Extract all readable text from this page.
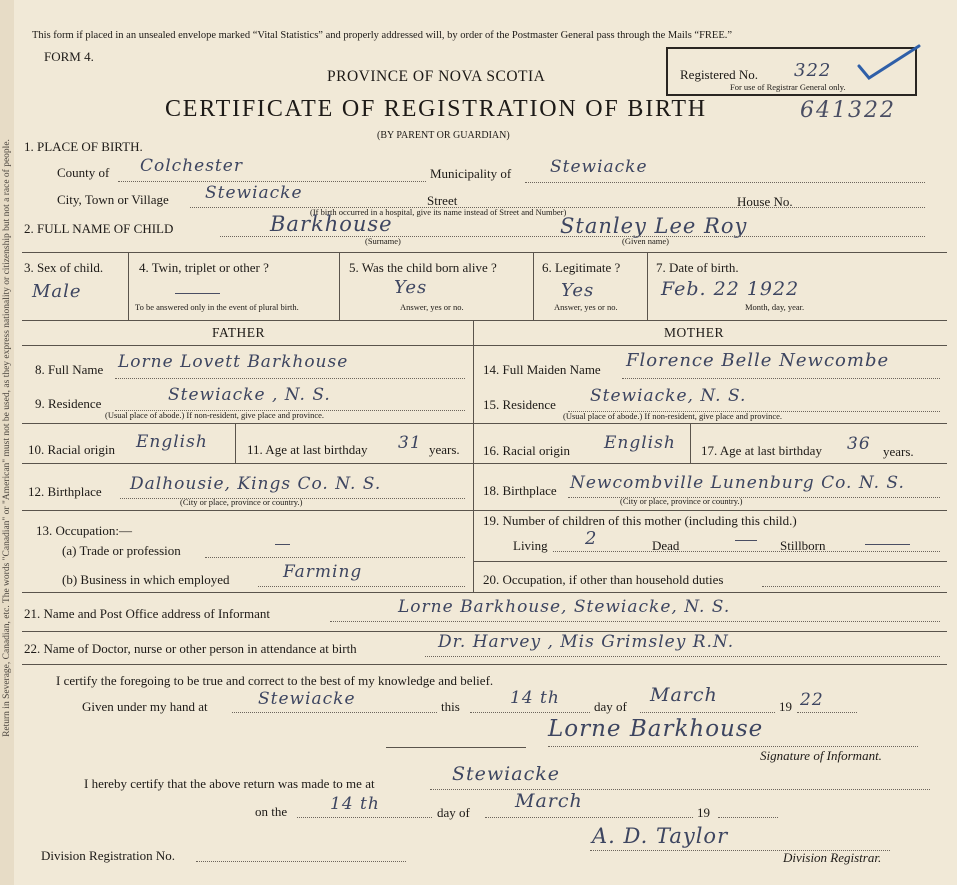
Return in Severage, Canadian, etc. The words "Canadian" or "American" must not be used, as they express nationality or citizenship but not a race of people.
This form if placed in an unsealed envelope marked “Vital Statistics” and properly addressed will, by order of the Postmaster General pass through the Mails “FREE.”
FORM 4.
PROVINCE OF NOVA SCOTIA
CERTIFICATE OF REGISTRATION OF BIRTH
(BY PARENT OR GUARDIAN)
Registered No. 322
For use of Registrar General only.
641322
1. PLACE OF BIRTH.
County of Colchester	Municipality of Stewiacke
City, Town or Village Stewiacke	Street	House No.
(If birth occurred in a hospital, give its name instead of Street and Number)
2. FULL NAME OF CHILD	Barkhouse	Stanley Lee Roy
(Surname)	(Given name)
3. Sex of child.
Male
4. Twin, triplet or other ?
To be answered only in the event of plural birth.
5. Was the child born alive ?
Yes
Answer, yes or no.
6. Legitimate ?
Yes
Answer, yes or no.
7. Date of birth.
Feb. 22 1922
Month, day, year.
FATHER	MOTHER
8. Full Name Lorne Lovett Barkhouse
9. Residence	Stewiacke , N. S.
(Usual place of abode.) If non-resident, give place and province.
10. Racial origin English	11. Age at last birthday 31 years.
12. Birthplace Dalhousie, Kings Co. N. S.
(City or place, province or country.)
13. Occupation:—
(a) Trade or profession
(b) Business in which employed	Farming
14. Full Maiden Name Florence Belle Newcombe
15. Residence Stewiacke, N. S.
(Usual place of abode.) If non-resident, give place and province.
16. Racial origin English 17. Age at last birthday 36 years.
18. Birthplace Newcombville Lunenburg Co. N. S.
(City or place, province or country.)
19. Number of children of this mother (including this child.)
Living 2	Dead	Stillborn
20. Occupation, if other than household duties
21. Name and Post Office address of Informant	Lorne Barkhouse, Stewiacke, N. S.
22. Name of Doctor, nurse or other person in attendance at birth	Dr. Harvey , Mis Grimsley R.N.
I certify the foregoing to be true and correct to the best of my knowledge and belief.
Given under my hand at	Stewiacke	this	14 th	day of
March
19 22
Lorne Barkhouse
Signature of Informant.
I hereby certify that the above return was made to me at	Stewiacke
on the	14 th	day of
March
19
Division Registration No.
A. D. Taylor
Division Registrar.
